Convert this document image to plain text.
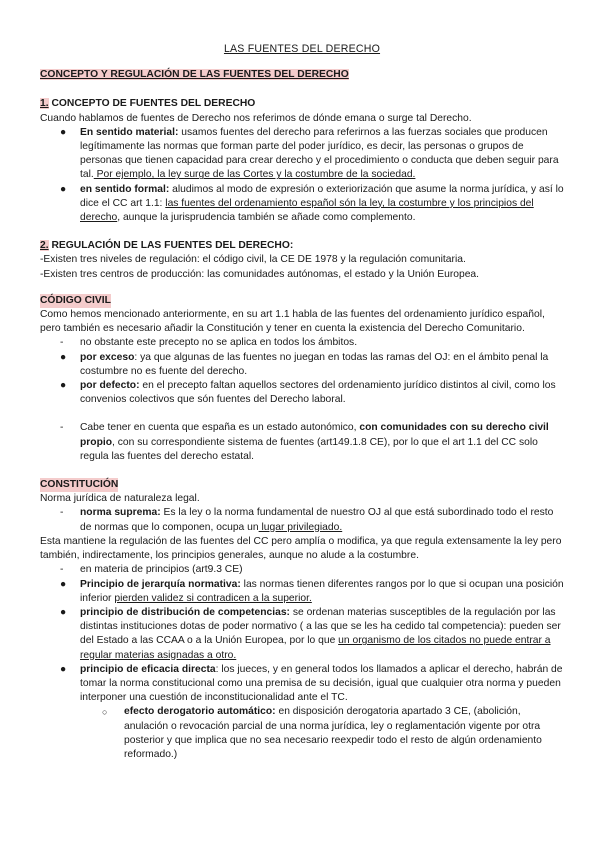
LAS FUENTES DEL DERECHO

CONCEPTO Y REGULACIÓN DE LAS FUENTES DEL DERECHO

1. CONCEPTO DE FUENTES DEL DERECHO

Cuando hablamos de fuentes de Derecho nos referimos de dónde emana o surge tal Derecho.

● En sentido material: usamos fuentes del derecho para referirnos a las fuerzas sociales que producen legítimamente las normas que forman parte del poder jurídico, es decir, las personas o grupos de personas que tienen capacidad para crear derecho y el procedimiento o conducta que deben seguir para tal. Por ejemplo, la ley surge de las Cortes y la costumbre de la sociedad.
● en sentido formal: aludimos al modo de expresión o exteriorización que asume la norma jurídica, y así lo dice el CC art 1.1: las fuentes del ordenamiento español són la ley, la costumbre y los principios del derecho, aunque la jurisprudencia también se añade como complemento.

2. REGULACIÓN DE LAS FUENTES DEL DERECHO:

-Existen tres niveles de regulación: el código civil, la CE DE 1978 y la regulación comunitaria.

-Existen tres centros de producción: las comunidades autónomas, el estado y la Unión Europea.

CÓDIGO CIVIL

Como hemos mencionado anteriormente, en su art 1.1 habla de las fuentes del ordenamiento jurídico español, pero también es necesario añadir la Constitución y tener en cuenta la existencia del Derecho Comunitario.

- no obstante este precepto no se aplica en todos los ámbitos.
● por exceso: ya que algunas de las fuentes no juegan en todas las ramas del OJ: en el ámbito penal la costumbre no es fuente del derecho.
● por defecto: en el precepto faltan aquellos sectores del ordenamiento jurídico distintos al civil, como los convenios colectivos que són fuentes del Derecho laboral.
- Cabe tener en cuenta que españa es un estado autonómico, con comunidades con su derecho civil propio, con su correspondiente sistema de fuentes (art149.1.8 CE), por lo que el art 1.1 del CC solo regula las fuentes del derecho estatal.

CONSTITUCIÓN

Norma jurídica de naturaleza legal.

- norma suprema: Es la ley o la norma fundamental de nuestro OJ al que está subordinado todo el resto de normas que lo componen, ocupa un lugar privilegiado.

Esta mantiene la regulación de las fuentes del CC pero amplía o modifica, ya que regula extensamente la ley pero también, indirectamente, los principios generales, aunque no alude a la costumbre.

- en materia de principios (art9.3 CE)
● Principio de jerarquía normativa: las normas tienen diferentes rangos por lo que si ocupan una posición inferior pierden validez si contradicen a la superior.
● principio de distribución de competencias: se ordenan materias susceptibles de la regulación por las distintas instituciones dotas de poder normativo ( a las que se les ha cedido tal competencia): pueden ser del Estado a las CCAA o a la Unión Europea, por lo que un organismo de los citados no puede entrar a regular materias asignadas a otro.
● principio de eficacia directa: los jueces, y en general todos los llamados a aplicar el derecho, habrán de tomar la norma constitucional como una premisa de su decisión, igual que cualquier otra norma y pueden interponer una cuestión de inconstitucionalidad ante el TC.
○ efecto derogatorio automático: en disposición derogatoria apartado 3 CE, (abolición, anulación o revocación parcial de una norma jurídica, ley o reglamentación vigente por otra posterior y que implica que no sea necesario reexpedir todo el resto de algún ordenamiento reformado.)
